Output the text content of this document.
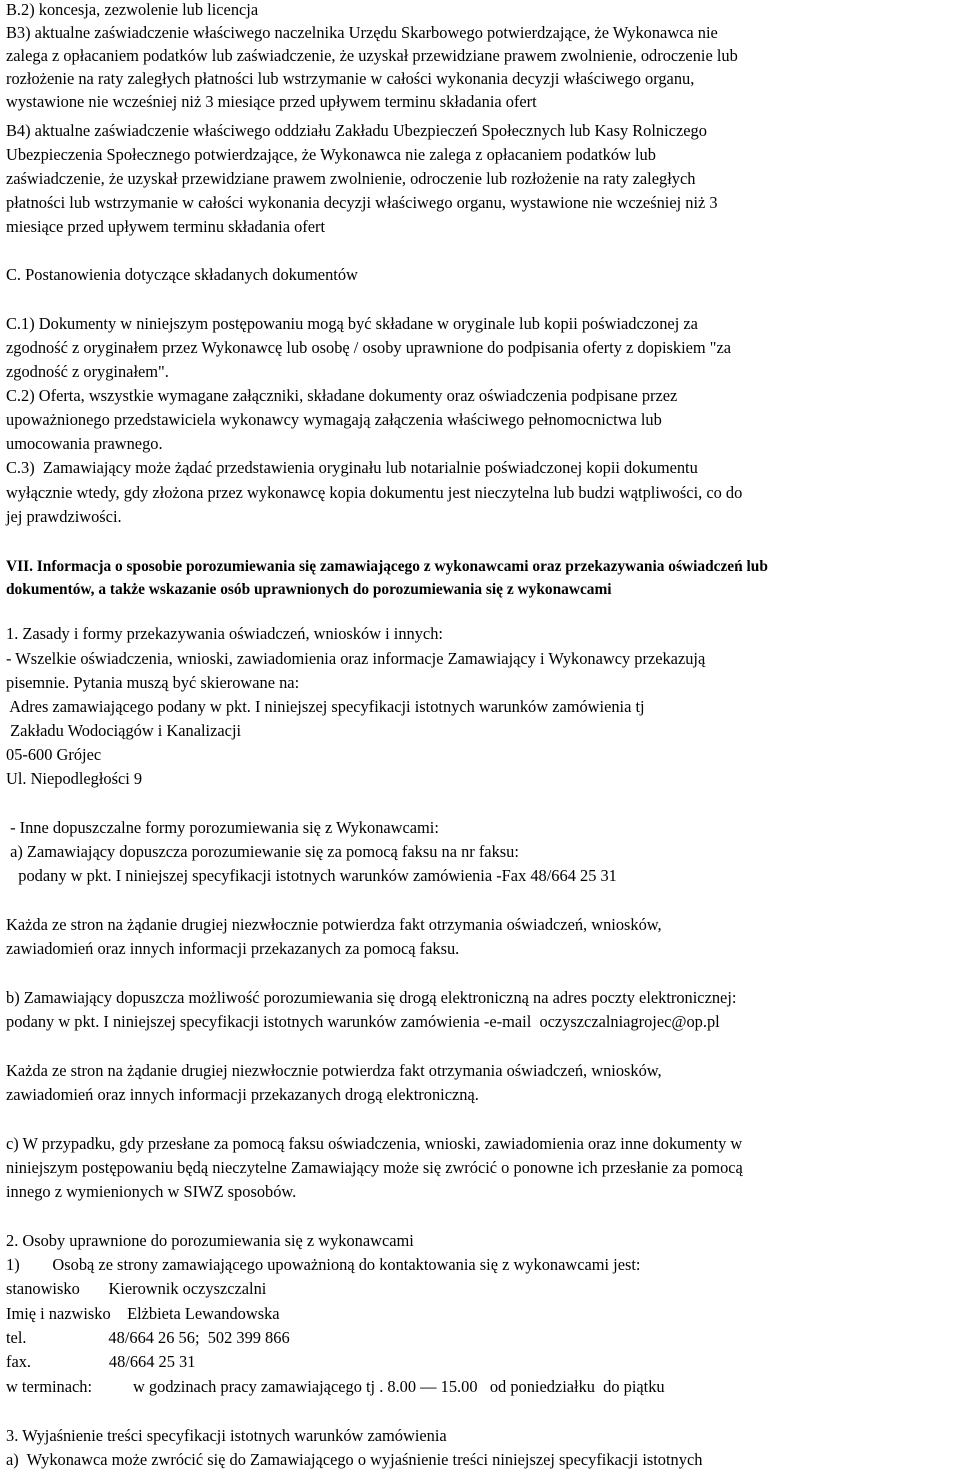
B.2) koncesja, zezwolenie lub licencja
B3) aktualne zaświadczenie właściwego naczelnika Urzędu Skarbowego potwierdzające, że Wykonawca nie
zalega z opłacaniem podatków lub zaświadczenie, że uzyskał przewidziane prawem zwolnienie, odroczenie lub
rozłożenie na raty zaległych płatności lub wstrzymanie w całości wykonania decyzji właściwego organu,
wystawione nie wcześniej niż 3 miesiące przed upływem terminu składania ofert
B4) aktualne zaświadczenie właściwego oddziału Zakładu Ubezpieczeń Społecznych lub Kasy Rolniczego
Ubezpieczenia Społecznego potwierdzające, że Wykonawca nie zalega z opłacaniem podatków lub
zaświadczenie, że uzyskał przewidziane prawem zwolnienie, odroczenie lub rozłożenie na raty zaległych
płatności lub wstrzymanie w całości wykonania decyzji właściwego organu, wystawione nie wcześniej niż 3
miesiące przed upływem terminu składania ofert
C. Postanowienia dotyczące składanych dokumentów
C.1) Dokumenty w niniejszym postępowaniu mogą być składane w oryginale lub kopii poświadczonej za
zgodność z oryginałem przez Wykonawcę lub osobę / osoby uprawnione do podpisania oferty z dopiskiem "za
zgodność z oryginałem".
C.2) Oferta, wszystkie wymagane załączniki, składane dokumenty oraz oświadczenia podpisane przez
upoważnionego przedstawiciela wykonawcy wymagają załączenia właściwego pełnomocnictwa lub
umocowania prawnego.
C.3)  Zamawiający może żądać przedstawienia oryginału lub notarialnie poświadczonej kopii dokumentu
wyłącznie wtedy, gdy złożona przez wykonawcę kopia dokumentu jest nieczytelna lub budzi wątpliwości, co do
jej prawdziwości.
VII. Informacja o sposobie porozumiewania się zamawiającego z wykonawcami oraz przekazywania oświadczeń lub
dokumentów, a także wskazanie osób uprawnionych do porozumiewania się z wykonawcami
1. Zasady i formy przekazywania oświadczeń, wniosków i innych:
- Wszelkie oświadczenia, wnioski, zawiadomienia oraz informacje Zamawiający i Wykonawcy przekazują
pisemnie. Pytania muszą być skierowane na:
Adres zamawiającego podany w pkt. I niniejszej specyfikacji istotnych warunków zamówienia tj
Zakładu Wodociągów i Kanalizacji
05-600 Grójec
Ul. Niepodległości 9
- Inne dopuszczalne formy porozumiewania się z Wykonawcami:
a) Zamawiający dopuszcza porozumiewanie się za pomocą faksu na nr faksu:
podany w pkt. I niniejszej specyfikacji istotnych warunków zamówienia -Fax 48/664 25 31
Każda ze stron na żądanie drugiej niezwłocznie potwierdza fakt otrzymania oświadczeń, wniosków,
zawiadomień oraz innych informacji przekazanych za pomocą faksu.
b) Zamawiający dopuszcza możliwość porozumiewania się drogą elektroniczną na adres poczty elektronicznej:
podany w pkt. I niniejszej specyfikacji istotnych warunków zamówienia -e-mail  oczyszczalniagrojec@op.pl
Każda ze stron na żądanie drugiej niezwłocznie potwierdza fakt otrzymania oświadczeń, wniosków,
zawiadomień oraz innych informacji przekazanych drogą elektroniczną.
c) W przypadku, gdy przesłane za pomocą faksu oświadczenia, wnioski, zawiadomienia oraz inne dokumenty w
niniejszym postępowaniu będą nieczytelne Zamawiający może się zwrócić o ponowne ich przesłanie za pomocą
innego z wymienionych w SIWZ sposobów.
2. Osoby uprawnione do porozumiewania się z wykonawcami
1)        Osobą ze strony zamawiającego upoważnioną do kontaktowania się z wykonawcami jest:
stanowisko       Kierownik oczyszczalni
Imię i nazwisko    Elżbieta Lewandowska
tel.                    48/664 26 56;  502 399 866
fax.                   48/664 25 31
w terminach:          w godzinach pracy zamawiającego tj . 8.00 — 15.00   od poniedziałku  do piątku
3. Wyjaśnienie treści specyfikacji istotnych warunków zamówienia
a)  Wykonawca może zwrócić się do Zamawiającego o wyjaśnienie treści niniejszej specyfikacji istotnych
